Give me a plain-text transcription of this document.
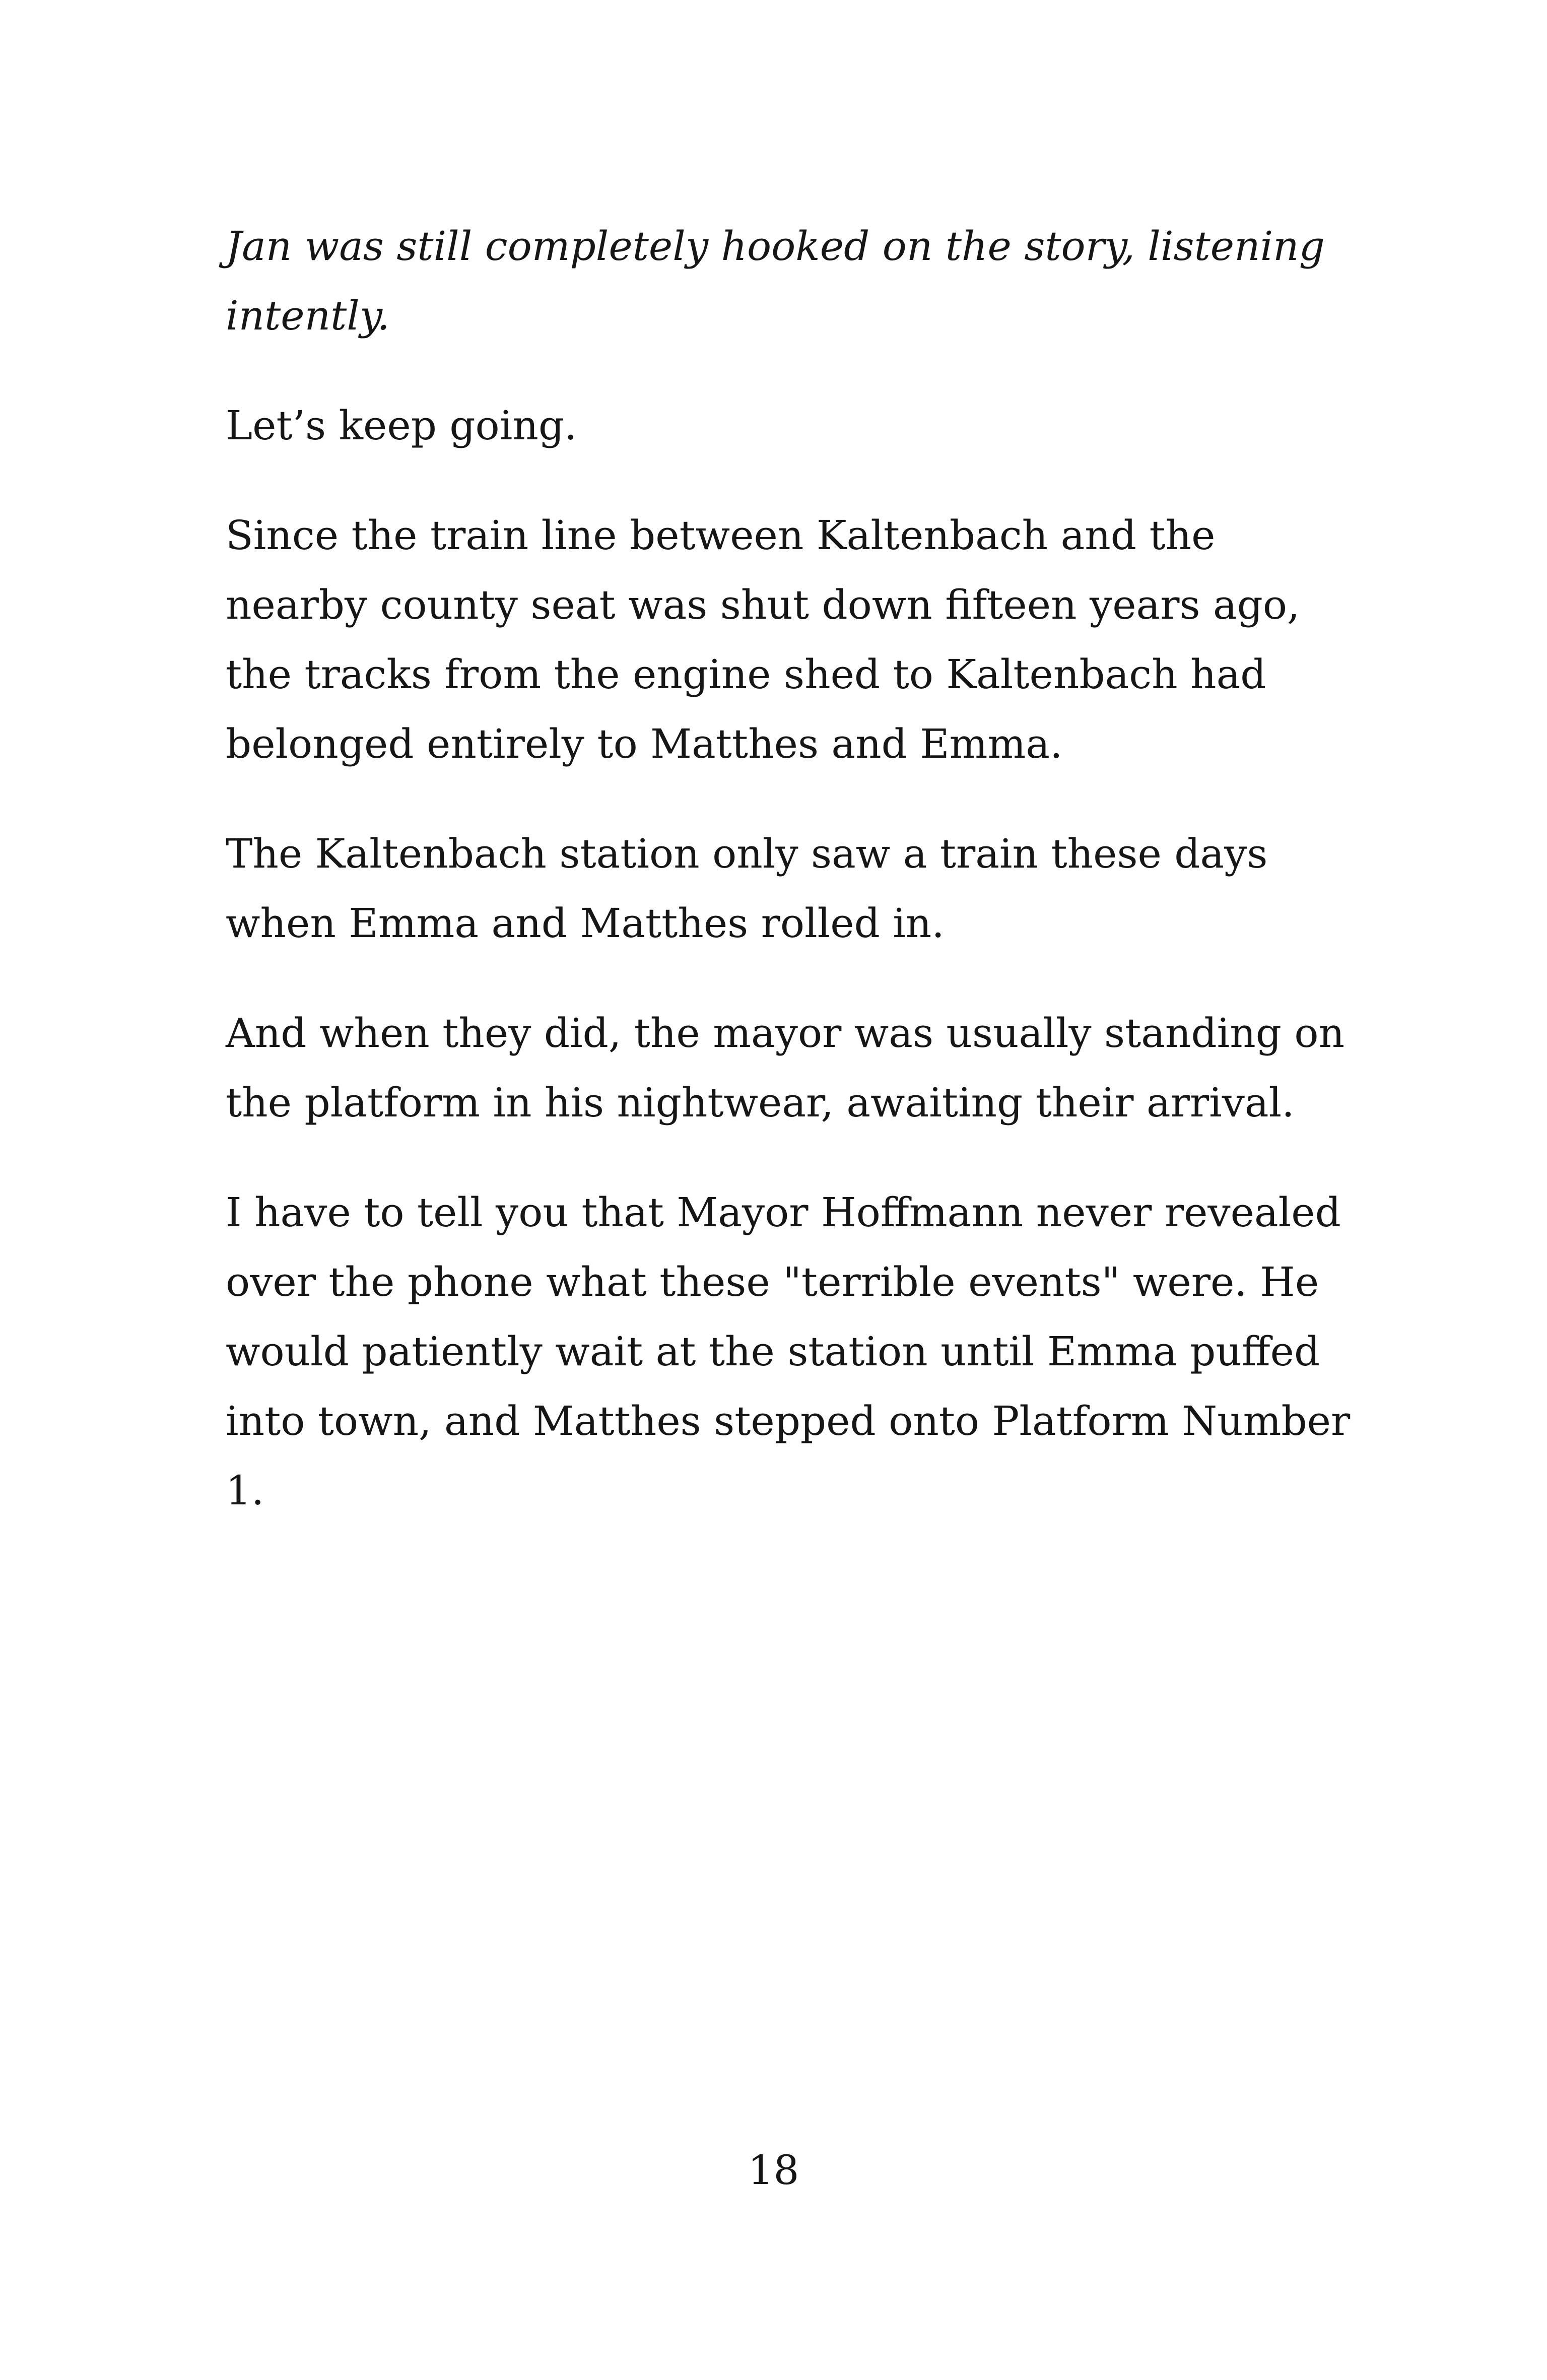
Jan was still completely hooked on the story, listening intently.

Let’s keep going.

Since the train line between Kaltenbach and the nearby county seat was shut down fifteen years ago, the tracks from the engine shed to Kaltenbach had belonged entirely to Matthes and Emma.

The Kaltenbach station only saw a train these days when Emma and Matthes rolled in.

And when they did, the mayor was usually standing on the platform in his nightwear, awaiting their arrival.

I have to tell you that Mayor Hoffmann never revealed over the phone what these "terrible events" were. He would patiently wait at the station until Emma puffed into town, and Matthes stepped onto Platform Number 1.

18
